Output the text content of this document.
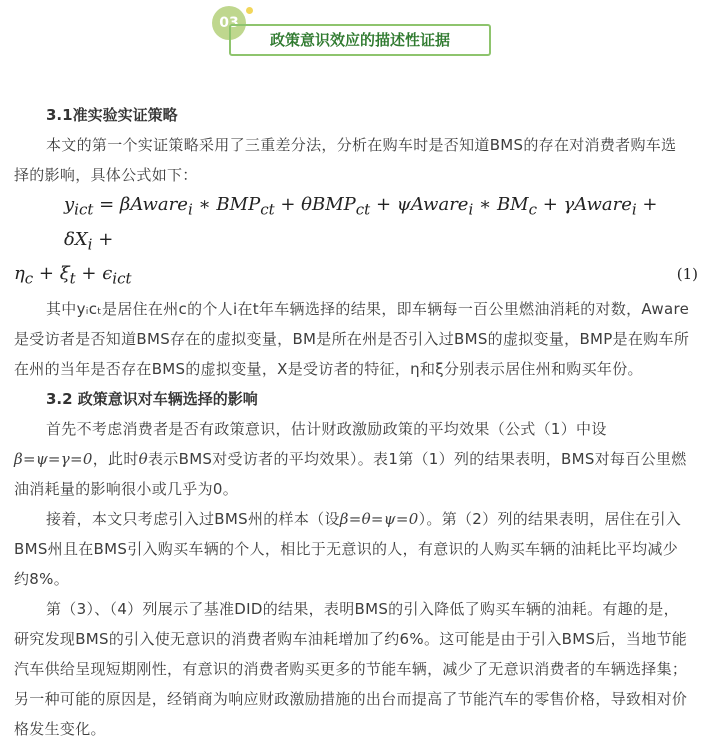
03
政策意识效应的描述性证据
3.1准实验实证策略

本文的第一个实证策略采用了三重差分法，分析在购车时是否知道BMS的存在对消费者购车选择的影响，具体公式如下：

$y_{ict}$ = βAware$_i$ ∗ $BMP_{ct} + \theta BMP_{ct}$ + ψAware$_i$ ∗ $BM_c$ + γAware$_i$ + $\delta X_i$ +
$\eta_c + \xi_t + \epsilon_{ict}$	(1)

其中yᵢcₜ是居住在州c的个人i在t年车辆选择的结果，即车辆每一百公里燃油消耗的对数，Aware是受访者是否知道BMS存在的虚拟变量，BM是所在州是否引入过BMS的虚拟变量，BMP是在购车所在州的当年是否存在BMS的虚拟变量，X是受访者的特征，η和ξ分别表示居住州和购买年份。

3.2 政策意识对车辆选择的影响

首先不考虑消费者是否有政策意识，估计财政激励政策的平均效果（公式（1）中设β=ψ=γ=0，此时θ表示BMS对受访者的平均效果）。表1第（1）列的结果表明，BMS对每百公里燃油消耗量的影响很小或几乎为0。

接着，本文只考虑引入过BMS州的样本（设β=θ=ψ=0）。第（2）列的结果表明，居住在引入BMS州且在BMS引入购买车辆的个人，相比于无意识的人，有意识的人购买车辆的油耗比平均减少约8%。

第（3）、（4）列展示了基准DID的结果，表明BMS的引入降低了购买车辆的油耗。有趣的是，研究发现BMS的引入使无意识的消费者购车油耗增加了约6%。这可能是由于引入BMS后，当地节能汽车供给呈现短期刚性，有意识的消费者购买更多的节能车辆，减少了无意识消费者的车辆选择集；另一种可能的原因是，经销商为响应财政激励措施的出台而提高了节能汽车的零售价格，导致相对价格发生变化。
